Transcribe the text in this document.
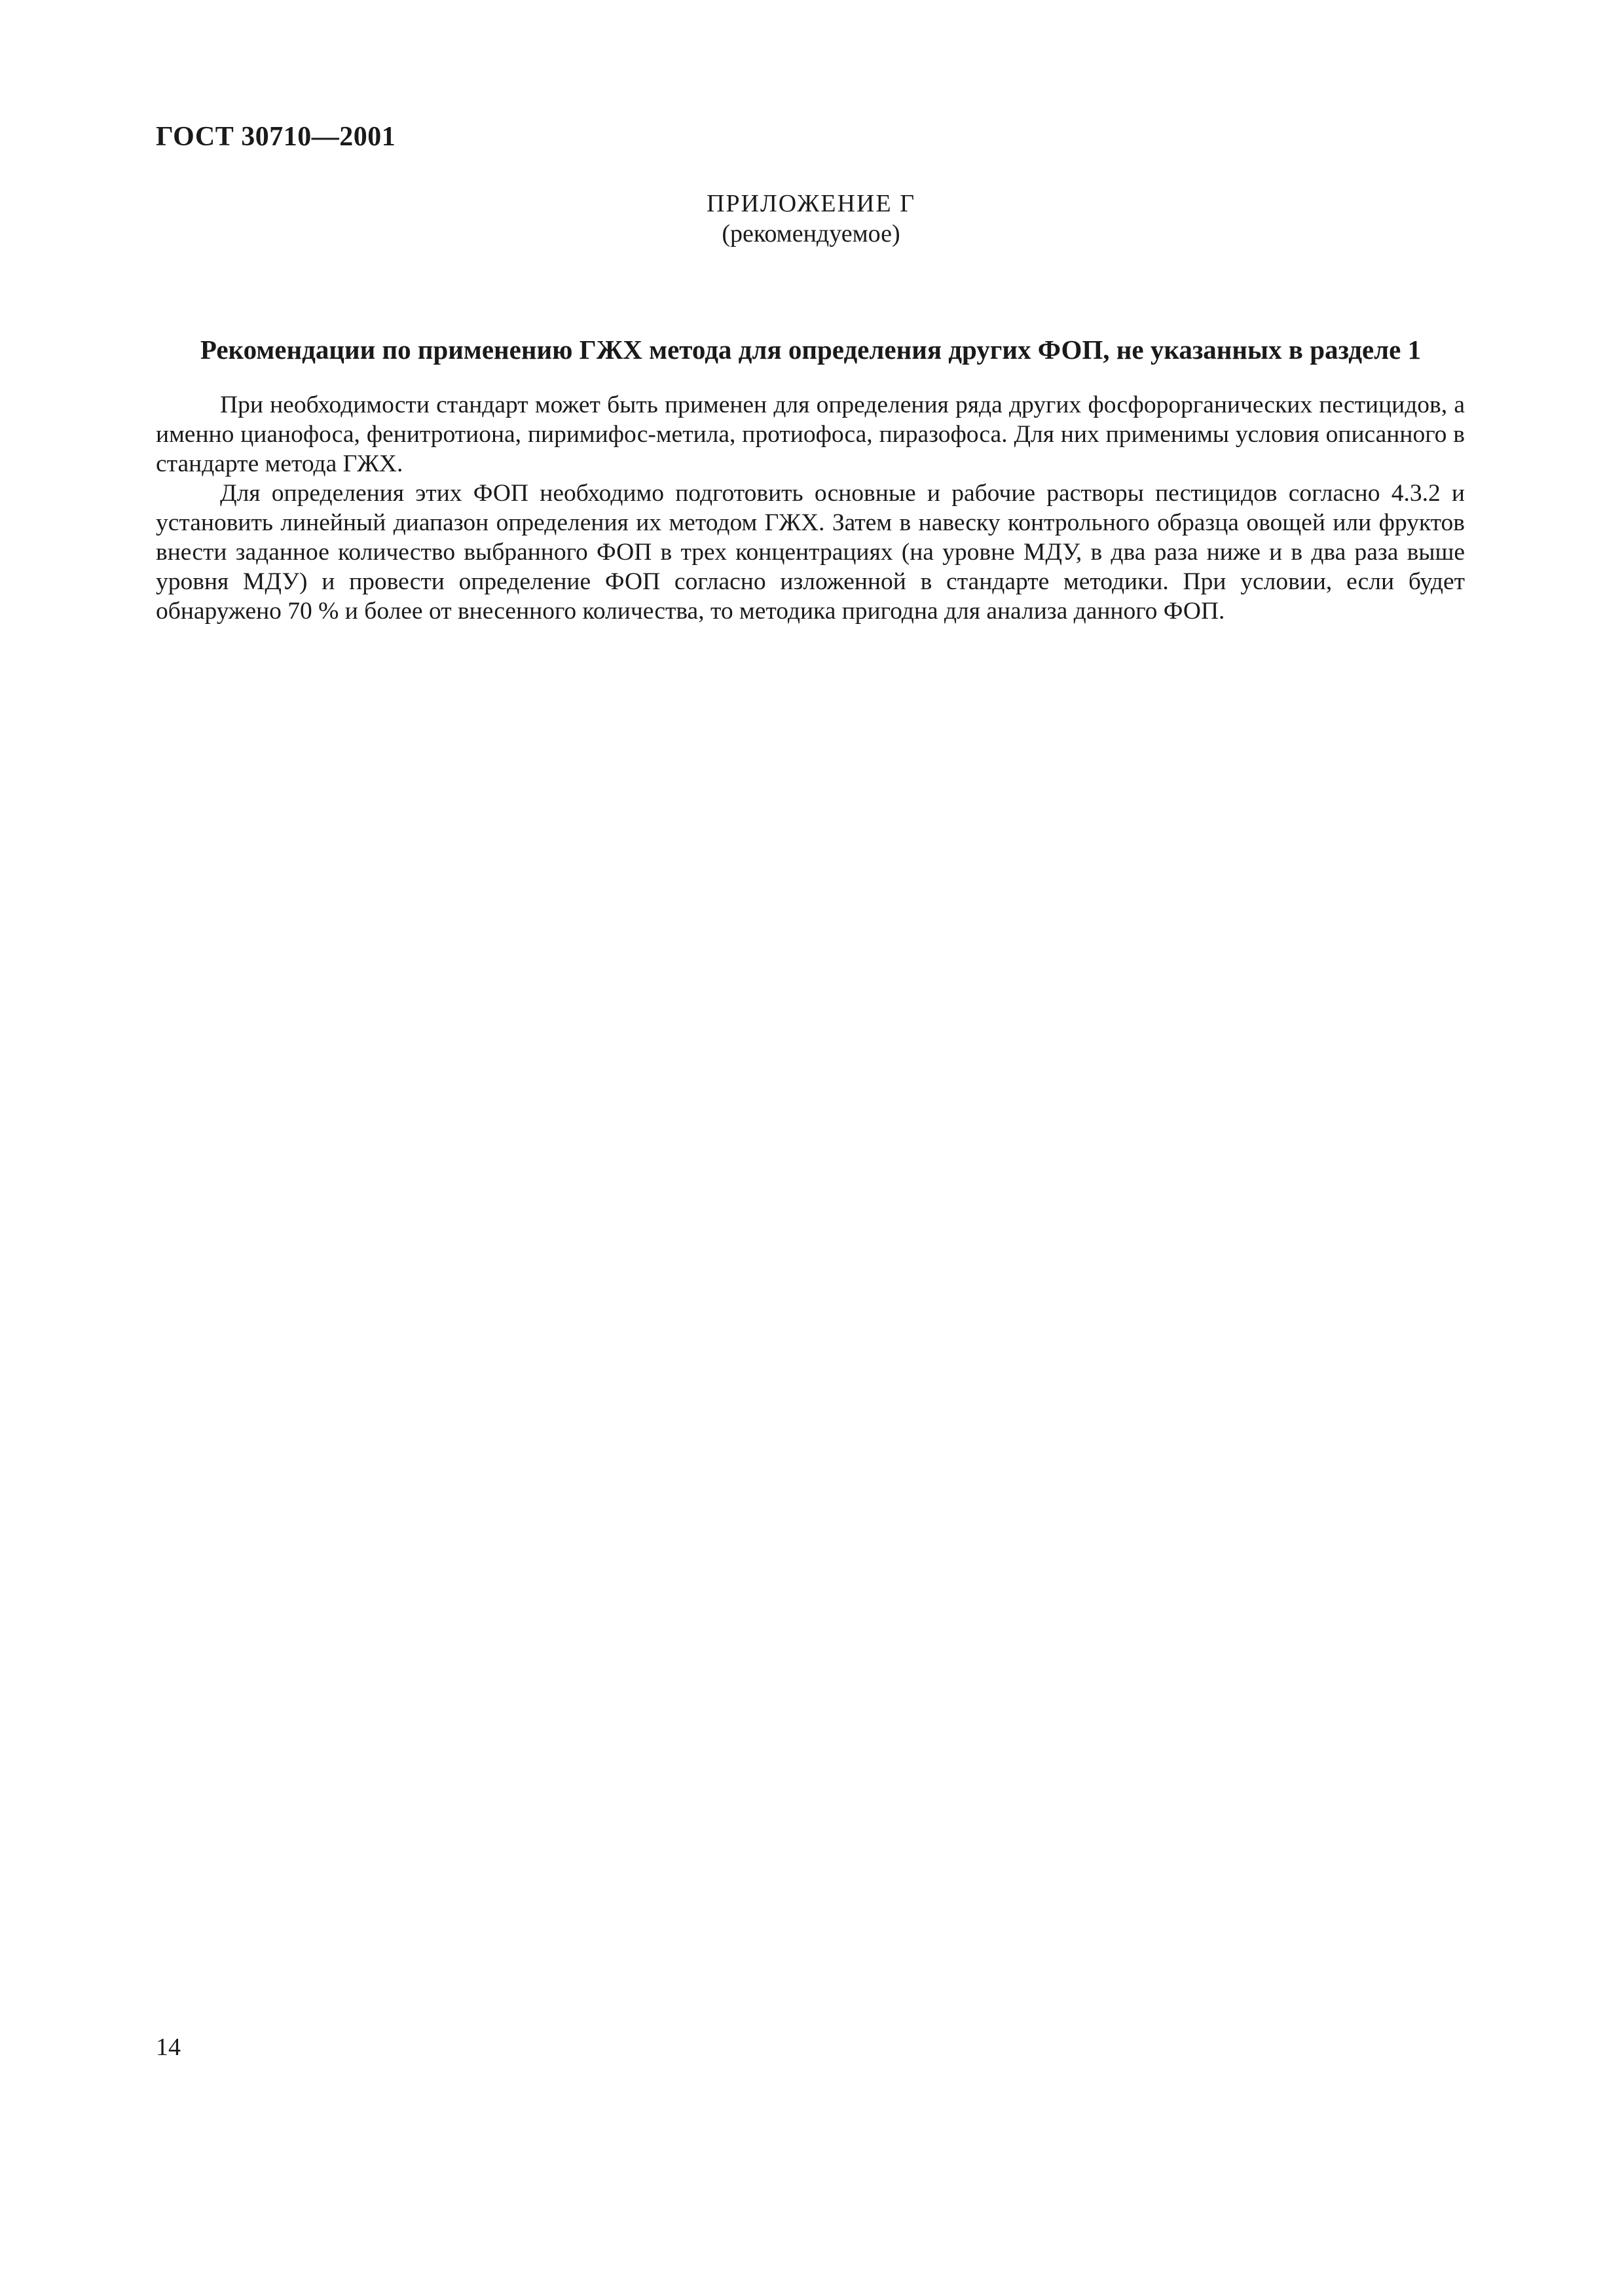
ГОСТ 30710—2001

ПРИЛОЖЕНИЕ Г
(рекомендуемое)
Рекомендации по применению ГЖХ метода для определения других ФОП, не указанных в разделе 1

При необходимости стандарт может быть применен для определения ряда других фосфорорганических пестицидов, а именно цианофоса, фенитротиона, пиримифос-метила, протиофоса, пиразофоса. Для них применимы условия описанного в стандарте метода ГЖХ.

Для определения этих ФОП необходимо подготовить основные и рабочие растворы пестицидов согласно 4.3.2 и установить линейный диапазон определения их методом ГЖХ. Затем в навеску контрольного образца овощей или фруктов внести заданное количество выбранного ФОП в трех концентрациях (на уровне МДУ, в два раза ниже и в два раза выше уровня МДУ) и провести определение ФОП согласно изложенной в стандарте методики. При условии, если будет обнаружено 70 % и более от внесенного количества, то методика пригодна для анализа данного ФОП.

14
